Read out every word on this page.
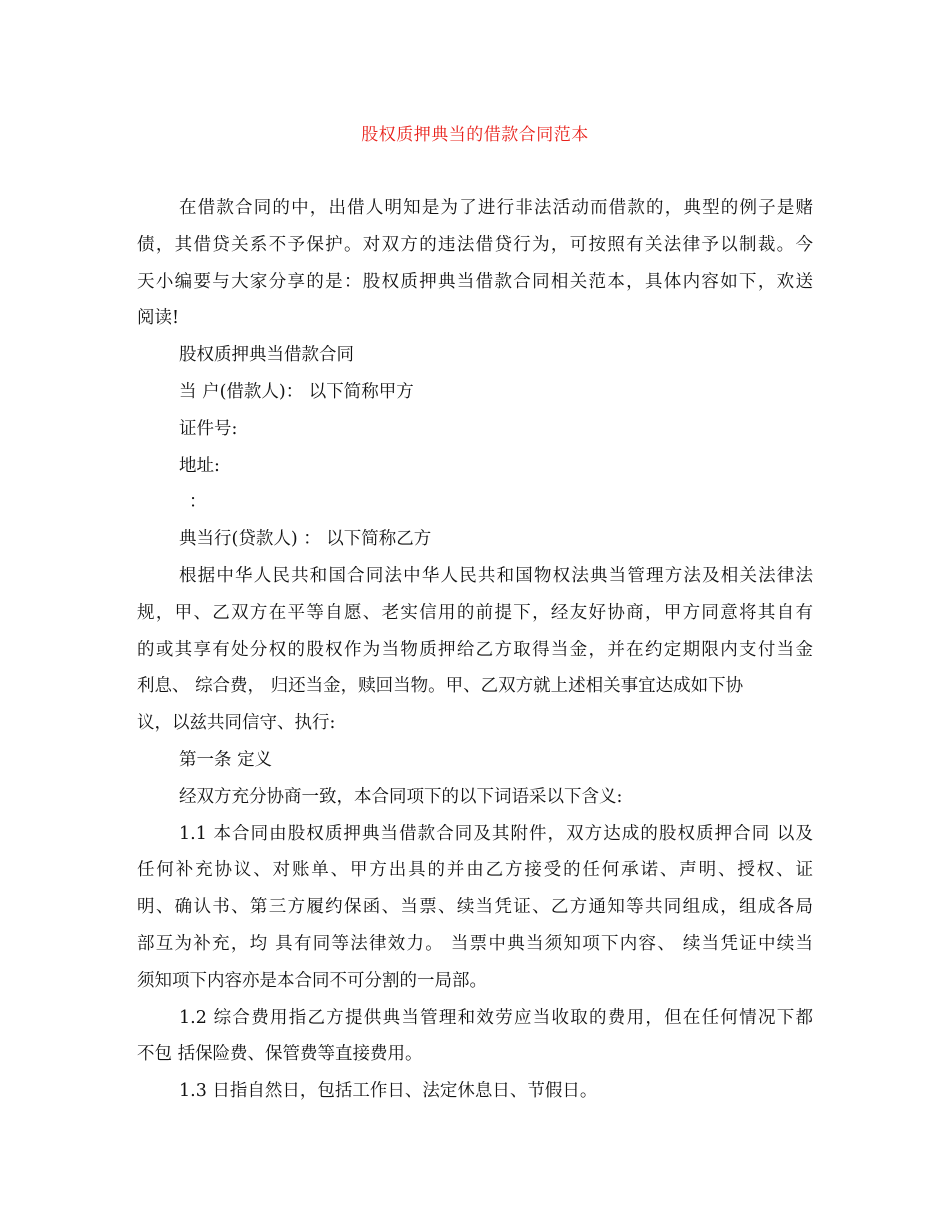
股权质押典当的借款合同范本
在借款合同的中，出借人明知是为了进行非法活动而借款的，典型的例子是赌
债，其借贷关系不予保护。对双方的违法借贷行为，可按照有关法律予以制裁。今
天小编要与大家分享的是：股权质押典当借款合同相关范本，具体内容如下，欢送
阅读!
股权质押典当借款合同
当 户(借款人)： 以下简称甲方
证件号:
地址:
：
典当行(贷款人) ： 以下简称乙方
根据中华人民共和国合同法中华人民共和国物权法典当管理方法及相关法律法
规，甲、乙双方在平等自愿、老实信用的前提下，经友好协商，甲方同意将其自有
的或其享有处分权的股权作为当物质押给乙方取得当金，并在约定期限内支付当金
利息、 综合费， 归还当金，赎回当物。甲、乙双方就上述相关事宜达成如下协
议，以兹共同信守、执行:
第一条 定义
经双方充分协商一致，本合同项下的以下词语采以下含义:
1.1 本合同由股权质押典当借款合同及其附件，双方达成的股权质押合同 以及
任何补充协议、对账单、甲方出具的并由乙方接受的任何承诺、声明、授权、证
明、确认书、第三方履约保函、当票、续当凭证、乙方通知等共同组成，组成各局
部互为补充，均 具有同等法律效力。 当票中典当须知项下内容、 续当凭证中续当
须知项下内容亦是本合同不可分割的一局部。
1.2 综合费用指乙方提供典当管理和效劳应当收取的费用，但在任何情况下都
不包 括保险费、保管费等直接费用。
1.3 日指自然日，包括工作日、法定休息日、节假日。
